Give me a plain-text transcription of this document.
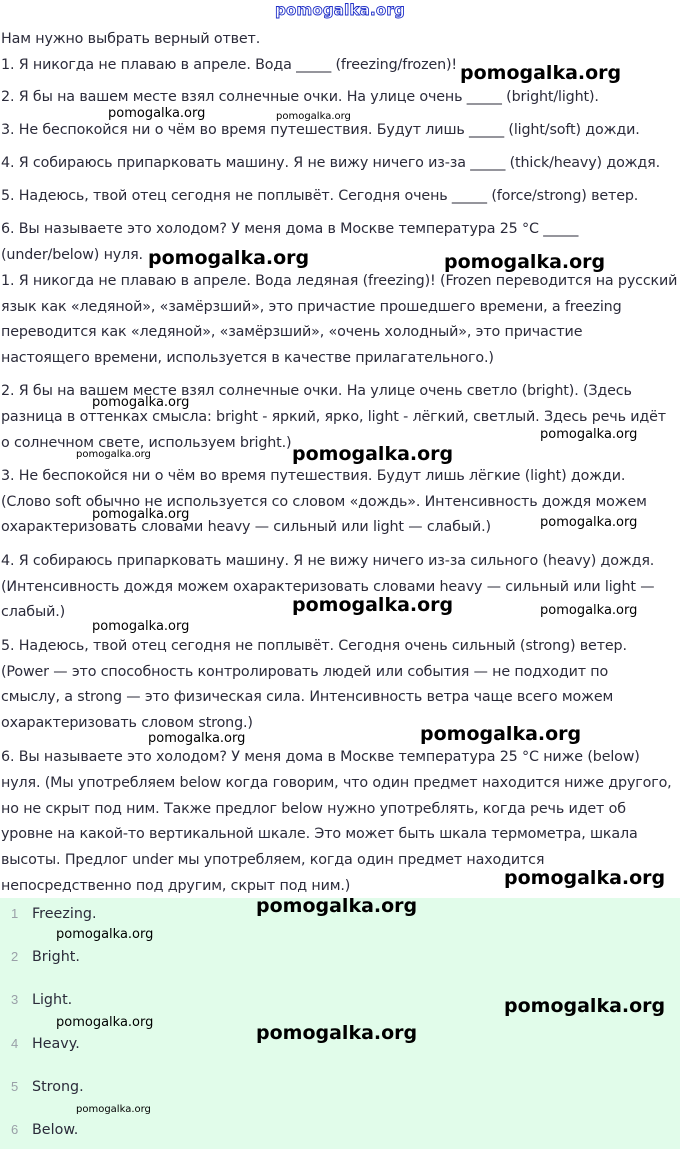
pomogalka.org
Нам нужно выбрать верный ответ.
1. Я никогда не плаваю в апреле. Вода _____ (freezing/frozen)!
2. Я бы на вашем месте взял солнечные очки. На улице очень _____ (bright/light).
3. Не беспокойся ни о чём во время путешествия. Будут лишь _____ (light/soft) дожди.
4. Я собираюсь припарковать машину. Я не вижу ничего из-за _____ (thick/heavy) дождя.
5. Надеюсь, твой отец сегодня не поплывёт. Сегодня очень _____ (force/strong) ветер.
6. Вы называете это холодом? У меня дома в Москве температура 25 °С _____
(under/below) нуля.
1. Я никогда не плаваю в апреле. Вода ледяная (freezing)! (Frozen переводится на русский
язык как «ледяной», «замёрзший», это причастие прошедшего времени, а freezing
переводится как «ледяной», «замёрзший», «очень холодный», это причастие
настоящего времени, используется в качестве прилагательного.)
2. Я бы на вашем месте взял солнечные очки. На улице очень светло (bright). (Здесь
разница в оттенках смысла: bright - яркий, ярко, light - лёгкий, светлый. Здесь речь идёт
о солнечном свете, используем bright.)
3. Не беспокойся ни о чём во время путешествия. Будут лишь лёгкие (light) дожди.
(Слово soft обычно не используется со словом «дождь». Интенсивность дождя можем
охарактеризовать словами heavy — сильный или light — слабый.)
4. Я собираюсь припарковать машину. Я не вижу ничего из-за сильного (heavy) дождя.
(Интенсивность дождя можем охарактеризовать словами heavy — сильный или light —
слабый.)
5. Надеюсь, твой отец сегодня не поплывёт. Сегодня очень сильный (strong) ветер.
(Power — это способность контролировать людей или события — не подходит по
смыслу, а strong — это физическая сила. Интенсивность ветра чаще всего можем
охарактеризовать словом strong.)
6. Вы называете это холодом? У меня дома в Москве температура 25 °С ниже (below)
нуля. (Мы употребляем below когда говорим, что один предмет находится ниже другого,
но не скрыт под ним. Также предлог below нужно употреблять, когда речь идет об
уровне на какой-то вертикальной шкале. Это может быть шкала термометра, шкала
высоты. Предлог under мы употребляем, когда один предмет находится
непосредственно под другим, скрыт под ним.)
1 Freezing.
2 Bright.
3 Light.
4 Heavy.
5 Strong.
6 Below.
pomogalka.org
pomogalka.org	pomogalka.org
pomogalka.org	pomogalka.org
pomogalka.org
pomogalka.org
pomogalka.org
pomogalka.org
pomogalka.org
pomogalka.org
pomogalka.org	pomogalka.org
pomogalka.org
pomogalka.org
pomogalka.org
pomogalka.org
pomogalka.org
pomogalka.org
pomogalka.org
pomogalka.org	pomogalka.org
pomogalka.org
